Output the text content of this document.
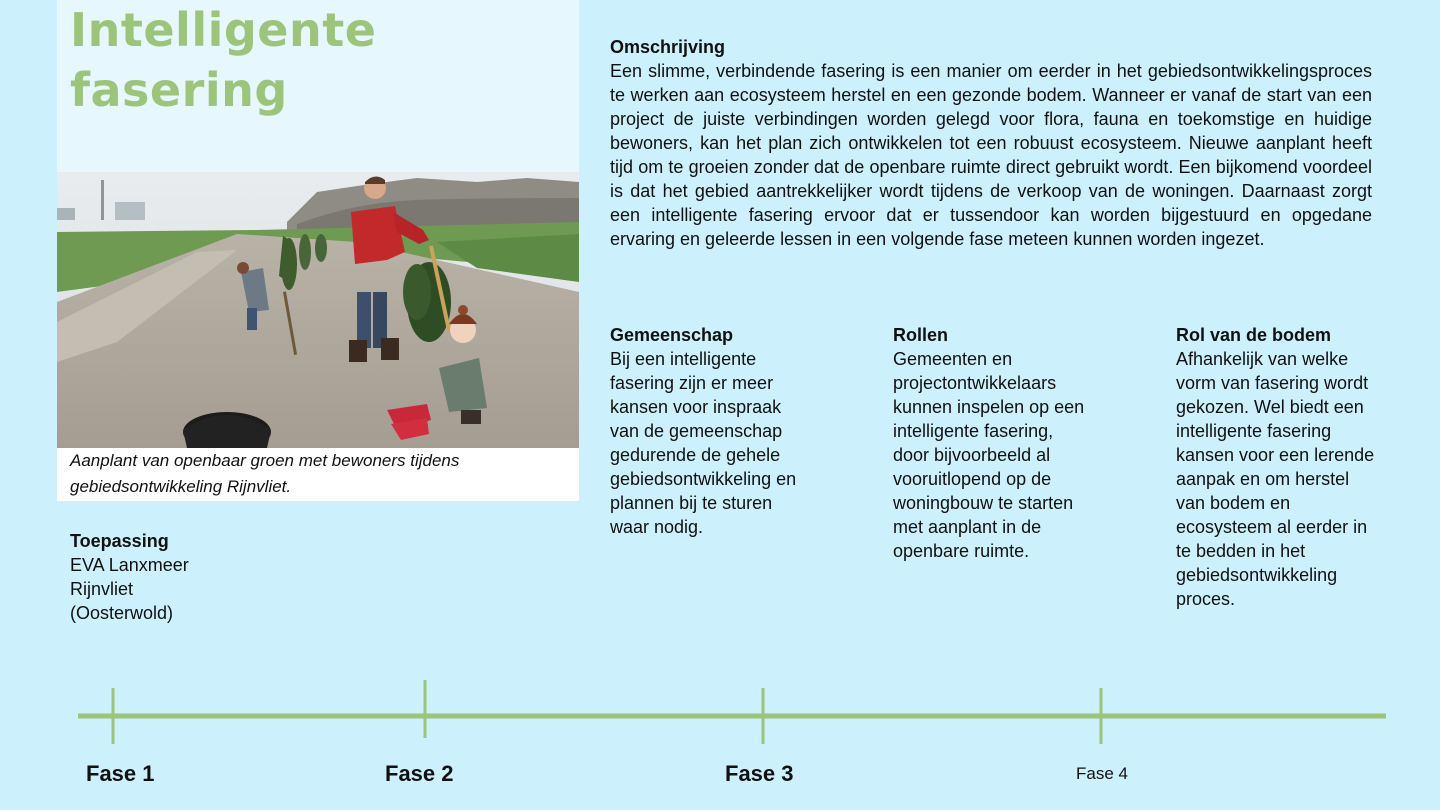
Intelligente
fasering
Aanplant van openbaar groen met bewoners tijdens
gebiedsontwikkeling Rijnvliet.
Omschrijving
Een slimme, verbindende fasering is een manier om eerder in het gebiedsontwikkelingsproces te werken aan ecosysteem herstel en een gezonde bodem. Wanneer er vanaf de start van een project de juiste verbindingen worden gelegd voor flora, fauna en toekomstige en huidige bewoners, kan het plan zich ontwikkelen tot een robuust ecosysteem. Nieuwe aanplant heeft tijd om te groeien zonder dat de openbare ruimte direct gebruikt wordt. Een bijkomend voordeel is dat het gebied aantrekkelijker wordt tijdens de verkoop van de woningen. Daarnaast zorgt een intelligente fasering ervoor dat er tussendoor kan worden bijgestuurd en opgedane ervaring en geleerde lessen in een volgende fase meteen kunnen worden ingezet.
Gemeenschap
Bij een intelligente fasering zijn er meer kansen voor inspraak van de gemeenschap gedurende de gehele gebiedsontwikkeling en plannen bij te sturen waar nodig.
Rollen
Gemeenten en projectontwikkelaars kunnen inspelen op een intelligente fasering, door bijvoorbeeld al vooruitlopend op de woningbouw te starten met aanplant in de openbare ruimte.
Rol van de bodem
Afhankelijk van welke vorm van fasering wordt gekozen. Wel biedt een intelligente fasering kansen voor een lerende aanpak en om herstel van bodem en ecosysteem al eerder in te bedden in het gebiedsontwikkeling proces.
Toepassing
EVA Lanxmeer
Rijnvliet
(Oosterwold)
Fase 1	Fase 2	Fase 3	Fase 4
